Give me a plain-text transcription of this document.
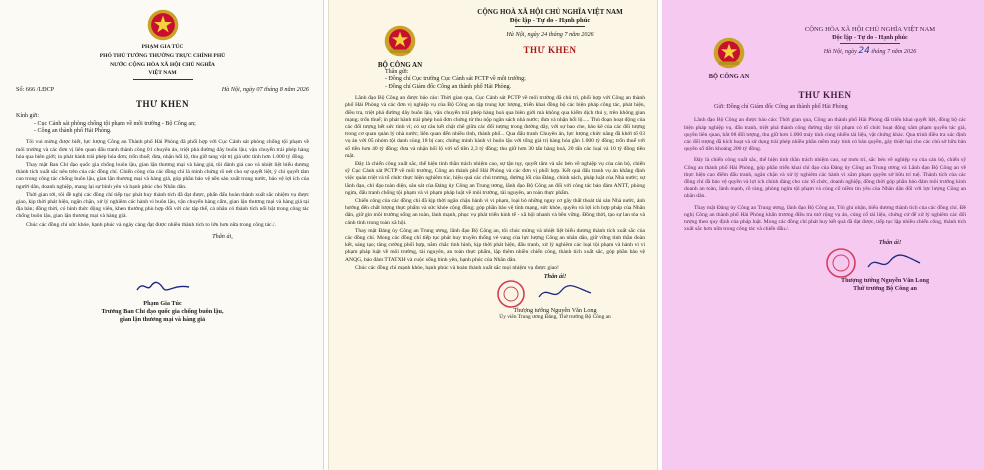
PHẠM GIA TÚC
PHÓ THỦ TƯỚNG THƯỜNG TRỰC CHÍNH PHỦ
NƯỚC CỘNG HÒA XÃ HỘI CHỦ NGHĨA
VIỆT NAM
Số: 666 /LĐCP	Hà Nội, ngày 07 tháng 8 năm 2026
THƯ KHEN
Kính gửi:
- Cục Cảnh sát phòng chống tội phạm về môi trường - Bộ Công an;
- Công an thành phố Hải Phòng.

Tôi vui mừng được biết, lực lượng Công an Thành phố Hải Phòng đã phối hợp với Cục Cảnh sát phòng chống tội phạm về môi trường và các đơn vị liên quan đấu tranh thành công 01 chuyên án, triệt phá đường dây buôn lậu; vận chuyển trái phép hàng hóa qua biên giới; in phát hành trái phép hóa đơn; trốn thuế; đưa, nhận hối lộ, thu giữ tang vật trị giá ước tính hơn 1.000 tỷ đồng.

Thay mặt Ban Chỉ đạo quốc gia chống buôn lậu, gian lận thương mại và hàng giả, tôi đánh giá cao và nhiệt liệt biểu dương thành tích xuất sắc nêu trên của các đồng chí. Chiến công của các đồng chí là minh chứng rõ nét cho sự quyết liệt, ý chí quyết tâm cao trong công tác chống buôn lậu, gian lận thương mại và hàng giả, góp phần bảo vệ nền sản xuất trong nước, bảo vệ lợi ích của người dân, doanh nghiệp, mang lại sự bình yên và hạnh phúc cho Nhân dân.

Thời gian tới, tôi đề nghị các đồng chí tiếp tục phát huy thành tích đã đạt được, phấn đấu hoàn thành xuất sắc nhiệm vụ được giao, kịp thời phát hiện, ngăn chặn, xử lý nghiêm các hành vi buôn lậu, vận chuyển hàng cấm, gian lận thương mại và hàng giả tại địa bàn; đồng thời, có hình thức động viên, khen thưởng phù hợp đối với các tập thể, cá nhân có thành tích nổi bật trong công tác chống buôn lậu, gian lận thương mại và hàng giả.

Chúc các đồng chí sức khỏe, hạnh phúc và ngày càng đạt được nhiều thành tích to lớn hơn nữa trong công tác./.

Thân ái,
Phạm Gia Túc
Trưởng Ban Chỉ đạo quốc gia chống buôn lậu,
gian lận thương mại và hàng giả
BỘ CÔNG AN
CỘNG HOÀ XÃ HỘI CHỦ NGHĨA VIỆT NAM
Độc lập - Tự do - Hạnh phúc
Hà Nội, ngày 24 tháng 7 năm 2026
THƯ KHEN
Thân gửi:
- Đồng chí Cục trưởng Cục Cảnh sát PCTP về môi trường;
- Đồng chí Giám đốc Công an thành phố Hải Phòng.

Lãnh đạo Bộ Công an được báo cáo: Thời gian qua, Cục Cảnh sát PCTP về môi trường đã chủ trì, phối hợp với Công an thành phố Hải Phòng và các đơn vị nghiệp vụ của Bộ Công an tập trung lực lượng, triển khai đồng bộ các biện pháp công tác, phát hiện, điều tra, triệt phá đường dây buôn lậu, vận chuyển trái phép hàng hoá qua biên giới mà không qua kiểm dịch thú y, trên không gian mạng; trốn thuế; in phát hành trái phép hoá đơn chứng từ thu nộp ngân sách nhà nước; đưa và nhận hối lộ..... Thủ đoạn hoạt động của các đối tượng hết sức tinh vi; có sự câu kết chặt chẽ giữa các đối tượng trong đường dây, với sự bao che, bảo kê của các đối tượng trong cơ quan quản lý nhà nước; liên quan đến nhiều tỉnh, thành phố... Qua đấu tranh Chuyên án, lực lượng chức năng đã khởi tố 03 vụ án với 05 nhóm tội danh cùng 18 bị can; chứng minh hành vi buôn lậu với tổng giá trị hàng hóa gần 1.000 tỷ đồng; trốn thuế với số tiền hơn 40 tỷ đồng; đưa và nhận hối lộ với số tiền 2,3 tỷ đồng; thu giữ hơn 30 tấn hàng hoá, 20 tấn các loại và 10 tỷ đồng tiền mặt.

Đây là chiến công xuất sắc, thể hiện tinh thần trách nhiệm cao, sự tận tụy, quyết tâm và sắc bén về nghiệp vụ của cán bộ, chiến sỹ Cục Cảnh sát PCTP về môi trường, Công an thành phố Hải Phòng và các đơn vị phối hợp. Kết quả đấu tranh vụ án khẳng định việc quán triệt và tổ chức thực hiện nghiêm túc, hiệu quả các chủ trương, đường lối của Đảng, chính sách, pháp luật của Nhà nước; sự lãnh đạo, chỉ đạo toàn diện, sâu sát của Đảng ủy Công an Trung ương, lãnh đạo Bộ Công an đối với công tác bảo đảm ANTT, phòng ngừa, đấu tranh chống tội phạm và vi phạm pháp luật về môi trường, tài nguyên, an toàn thực phẩm.

Chiến công của các đồng chí đã kịp thời ngăn chặn hành vi vi phạm, loại bỏ những nguy cơ gây thất thoát tài sản Nhà nước, ảnh hưởng đến chất lượng thực phẩm và sức khỏe cộng đồng; góp phần bảo vệ tính mạng, sức khỏe, quyền và lợi ích hợp pháp của Nhân dân, giữ gìn môi trường sống an toàn, lành mạnh, phục vụ phát triển kinh tế - xã hội nhanh và bền vững. Đồng thời, tạo sự lan tỏa và cảnh tỉnh trong toàn xã hội.

Thay mặt Đảng ủy Công an Trung ương, lãnh đạo Bộ Công an, tôi chúc mừng và nhiệt liệt biểu dương thành tích xuất sắc của các đồng chí. Mong các đồng chí tiếp tục phát huy truyền thống vẻ vang của lực lượng Công an nhân dân, giữ vững tinh thần đoàn kết, sáng tạo; tăng cường phối hợp, nắm chắc tình hình, kịp thời phát hiện, đấu tranh, xử lý nghiêm các loại tội phạm và hành vi vi phạm pháp luật về môi trường, tài nguyên, an toàn thực phẩm, lập thêm nhiều chiến công, thành tích xuất sắc, góp phần bảo vệ ANQG, bảo đảm TTATXH và cuộc sống bình yên, hạnh phúc của Nhân dân.

Chúc các đồng chí mạnh khỏe, hạnh phúc và hoàn thành xuất sắc mọi nhiệm vụ được giao!

Thân ái!
Thượng tướng Nguyễn Văn Long
Ủy viên Trung ương Đảng, Thứ trưởng Bộ Công an
BỘ CÔNG AN
CỘNG HÒA XÃ HỘI CHỦ NGHĨA VIỆT NAM
Độc lập - Tự do - Hạnh phúc
Hà Nội, ngày 24 tháng 7 năm 2026
THƯ KHEN
Gửi: Đồng chí Giám đốc Công an thành phố Hải Phòng

Lãnh đạo Bộ Công an được báo cáo: Thời gian qua, Công an thành phố Hải Phòng đã triển khai quyết liệt, đồng bộ các biện pháp nghiệp vụ, đấu tranh, triệt phá thành công đường dây tội phạm có tổ chức hoạt động xâm phạm quyền tác giả, quyền liên quan, bắt 08 đối tượng, thu giữ hơn 1.000 máy tính cùng nhiều tài liệu, vật chứng khác. Qua trinh điều tra xác định các đối tượng đã kích hoạt và sử dụng trái phép nhiều phần mềm máy tính có bản quyền, gây thiệt hại cho các chủ sở hữu bản quyền số tiền khoảng 200 tỷ đồng.

Đây là chiến công xuất sắc, thể hiện tinh thần trách nhiệm cao, sự mưu trí, sắc bén về nghiệp vụ của cán bộ, chiến sỹ Công an thành phố Hải Phòng, góp phần triển khai chỉ đạo của Đảng ủy Công an Trung ương và Lãnh đạo Bộ Công an về thực hiện cao điểm đấu tranh, ngăn chặn và xử lý nghiêm các hành vi xâm phạm quyền sở hữu trí tuệ. Thành tích của các đồng chí đã bảo vệ quyền và lợi ích chính đáng cho các tổ chức, doanh nghiệp, đồng thời góp phần bảo đảm môi trường kinh doanh an toàn, lành mạnh, rõ ràng, phòng ngừa tội phạm và củng cố niềm tin yêu của Nhân dân đối với lực lượng Công an nhân dân.

Thay mặt Đảng ủy Công an Trung ương, lãnh đạo Bộ Công an, Tôi ghi nhận, biểu dương thành tích của các đồng chí. Đề nghị Công an thành phố Hải Phòng khẩn trương điều tra mở rộng vụ án, củng cố tài liệu, chứng cứ để xử lý nghiêm các đối tượng theo quy định của pháp luật. Mong các đồng chí phát huy kết quả đã đạt được, tiếp tục lập nhiều chiến công, thành tích xuất sắc hơn nữa trong công tác và chiến đấu./.

Thân ái!
Thượng tướng Nguyễn Văn Long
Thứ trưởng Bộ Công an
